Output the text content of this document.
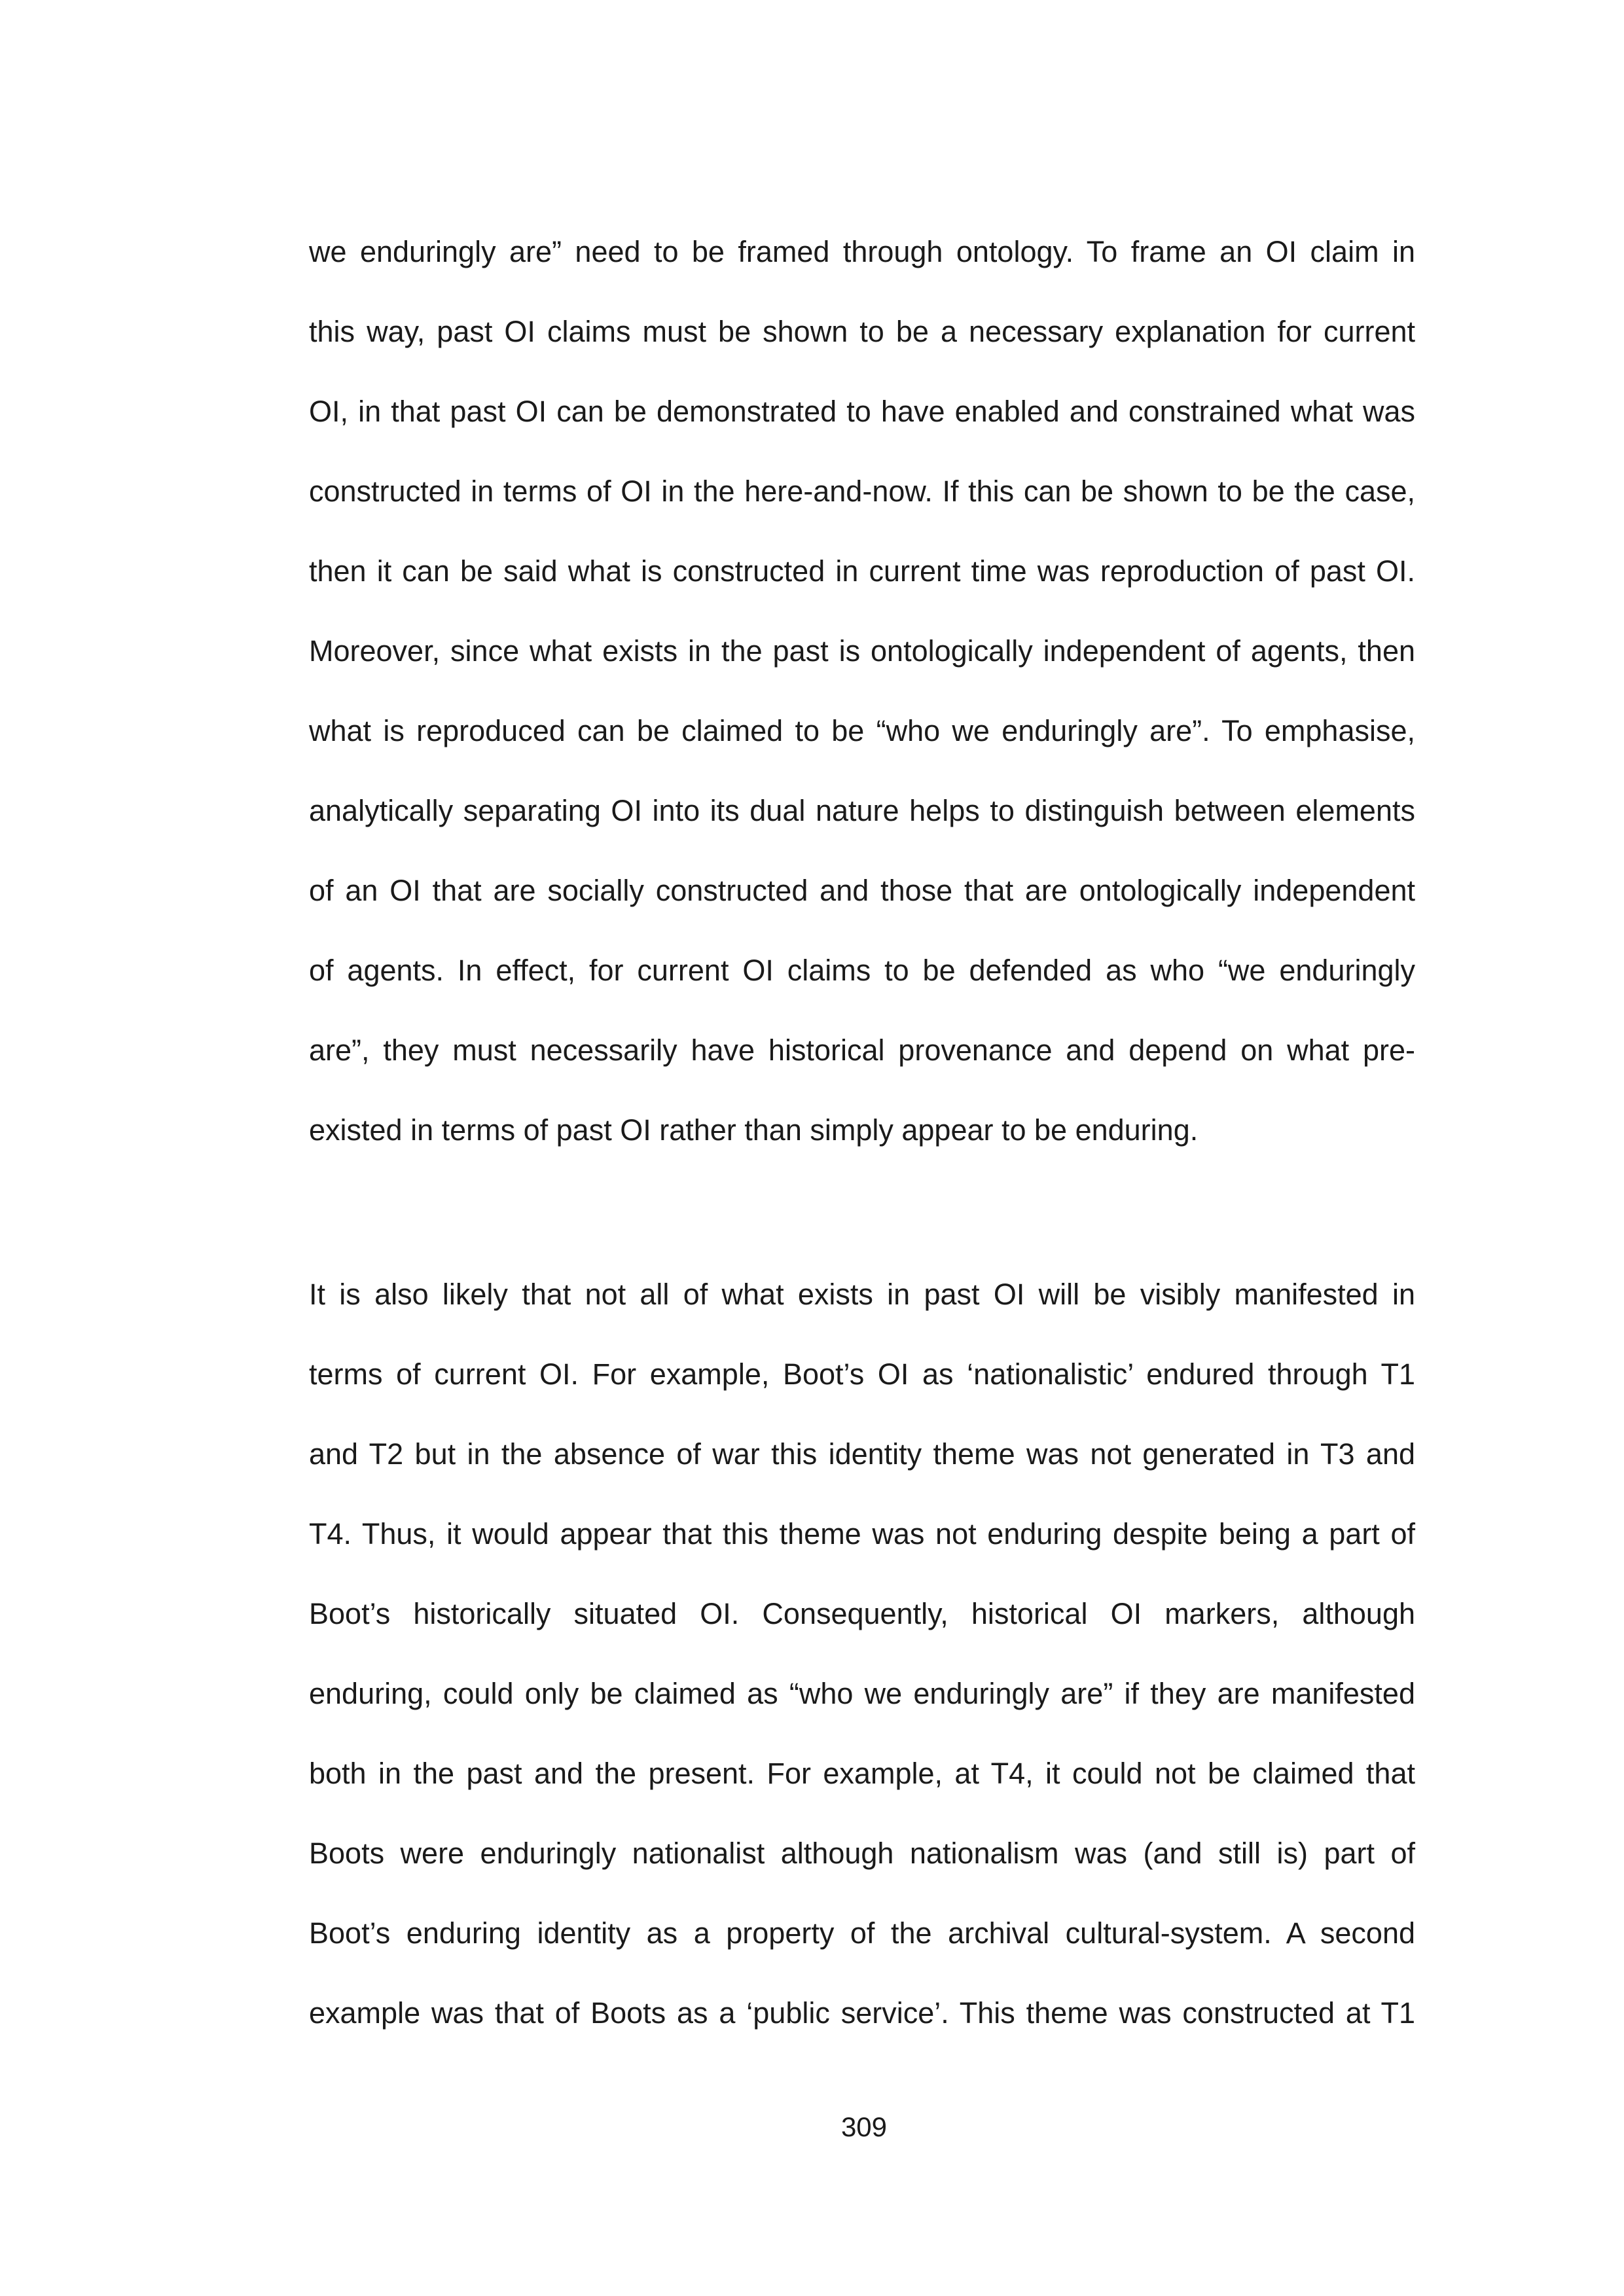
we enduringly are” need to be framed through ontology. To frame an OI claim in
this way, past OI claims must be shown to be a necessary explanation for current
OI, in that past OI can be demonstrated to have enabled and constrained what was
constructed in terms of OI in the here-and-now. If this can be shown to be the case,
then it can be said what is constructed in current time was reproduction of past OI.
Moreover, since what exists in the past is ontologically independent of agents, then
what is reproduced can be claimed to be “who we enduringly are”. To emphasise,
analytically separating OI into its dual nature helps to distinguish between elements
of an OI that are socially constructed and those that are ontologically independent
of agents. In effect, for current OI claims to be defended as who “we enduringly
are”, they must necessarily have historical provenance and depend on what pre-
existed in terms of past OI rather than simply appear to be enduring.
It is also likely that not all of what exists in past OI will be visibly manifested in
terms of current OI. For example, Boot’s OI as ‘nationalistic’ endured through T1
and T2 but in the absence of war this identity theme was not generated in T3 and
T4. Thus, it would appear that this theme was not enduring despite being a part of
Boot’s historically situated OI. Consequently, historical OI markers, although
enduring, could only be claimed as “who we enduringly are” if they are manifested
both in the past and the present. For example, at T4, it could not be claimed that
Boots were enduringly nationalist although nationalism was (and still is) part of
Boot’s enduring identity as a property of the archival cultural-system. A second
example was that of Boots as a ‘public service’. This theme was constructed at T1
309
